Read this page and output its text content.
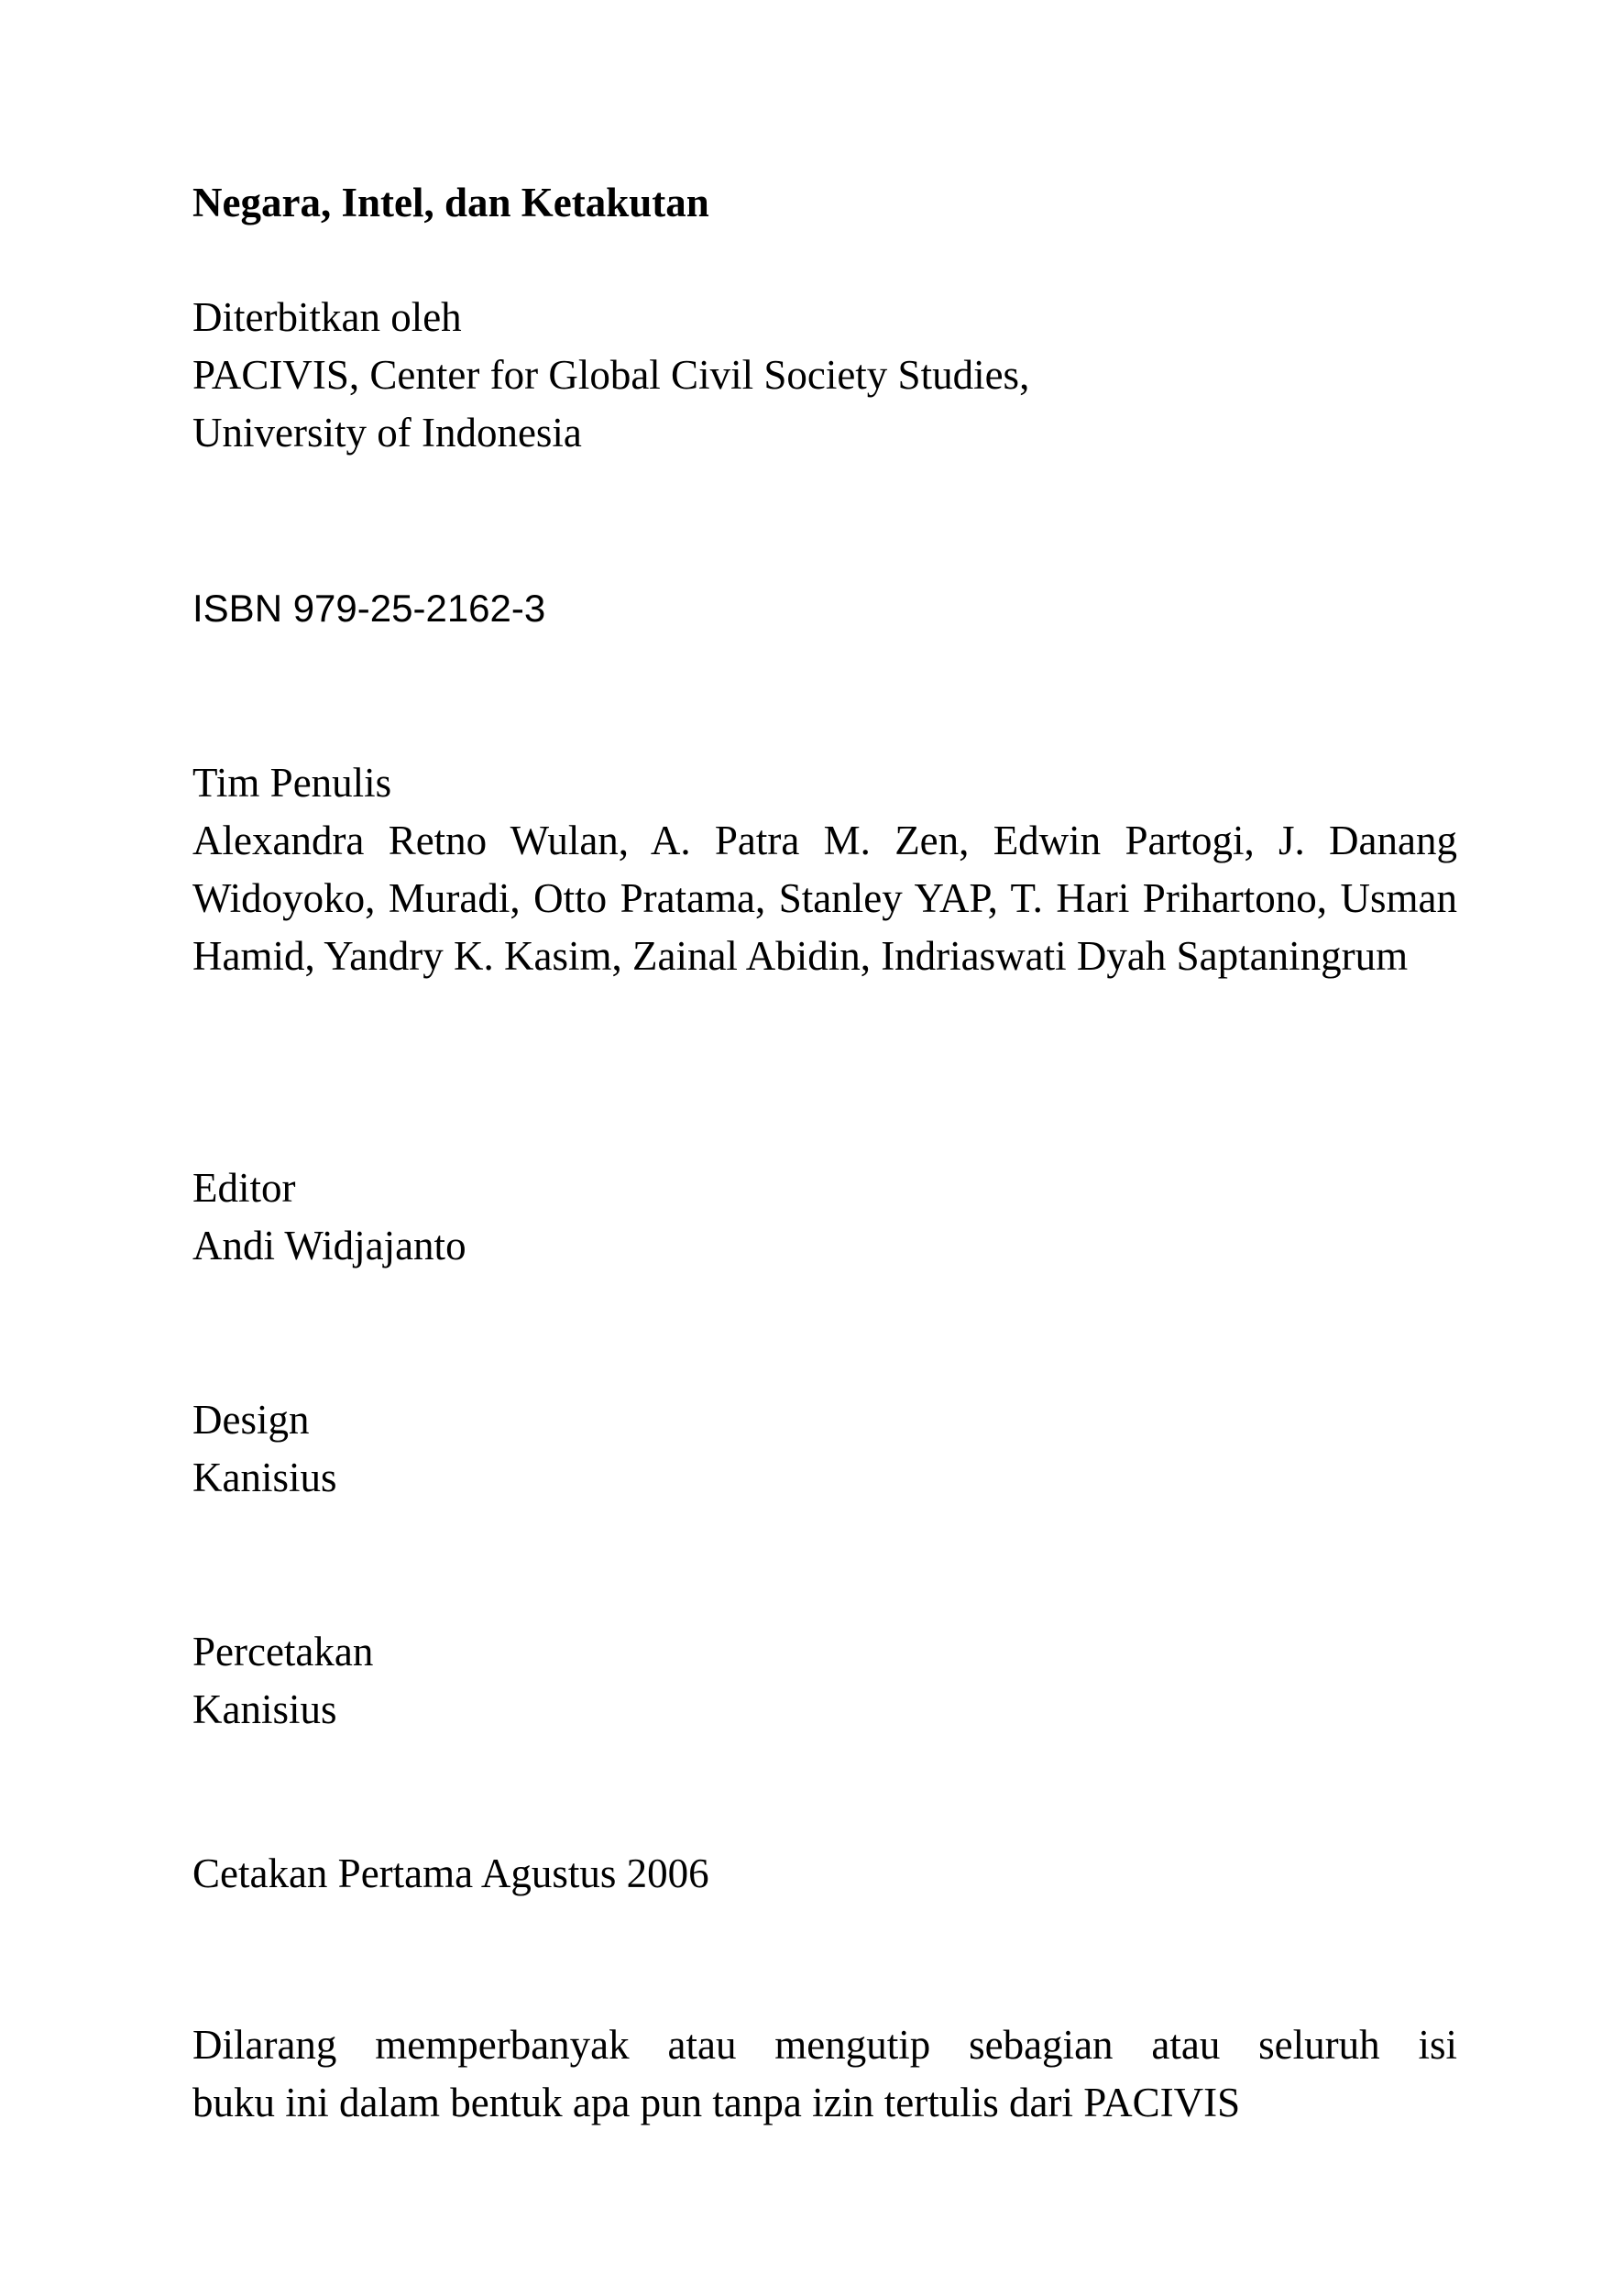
Negara, Intel, dan Ketakutan
Diterbitkan oleh
PACIVIS, Center for Global Civil Society Studies,
University of Indonesia
ISBN 979-25-2162-3
Tim Penulis
Alexandra Retno Wulan, A. Patra M. Zen, Edwin Partogi, J. Danang Widoyoko, Muradi, Otto Pratama, Stanley YAP, T. Hari Prihartono, Usman Hamid, Yandry K. Kasim, Zainal Abidin, Indriaswati Dyah Saptaningrum
Editor
Andi Widjajanto
Design
Kanisius
Percetakan
Kanisius
Cetakan Pertama Agustus 2006
Dilarang memperbanyak atau mengutip sebagian atau seluruh isi
buku ini dalam bentuk apa pun tanpa izin tertulis dari PACIVIS
